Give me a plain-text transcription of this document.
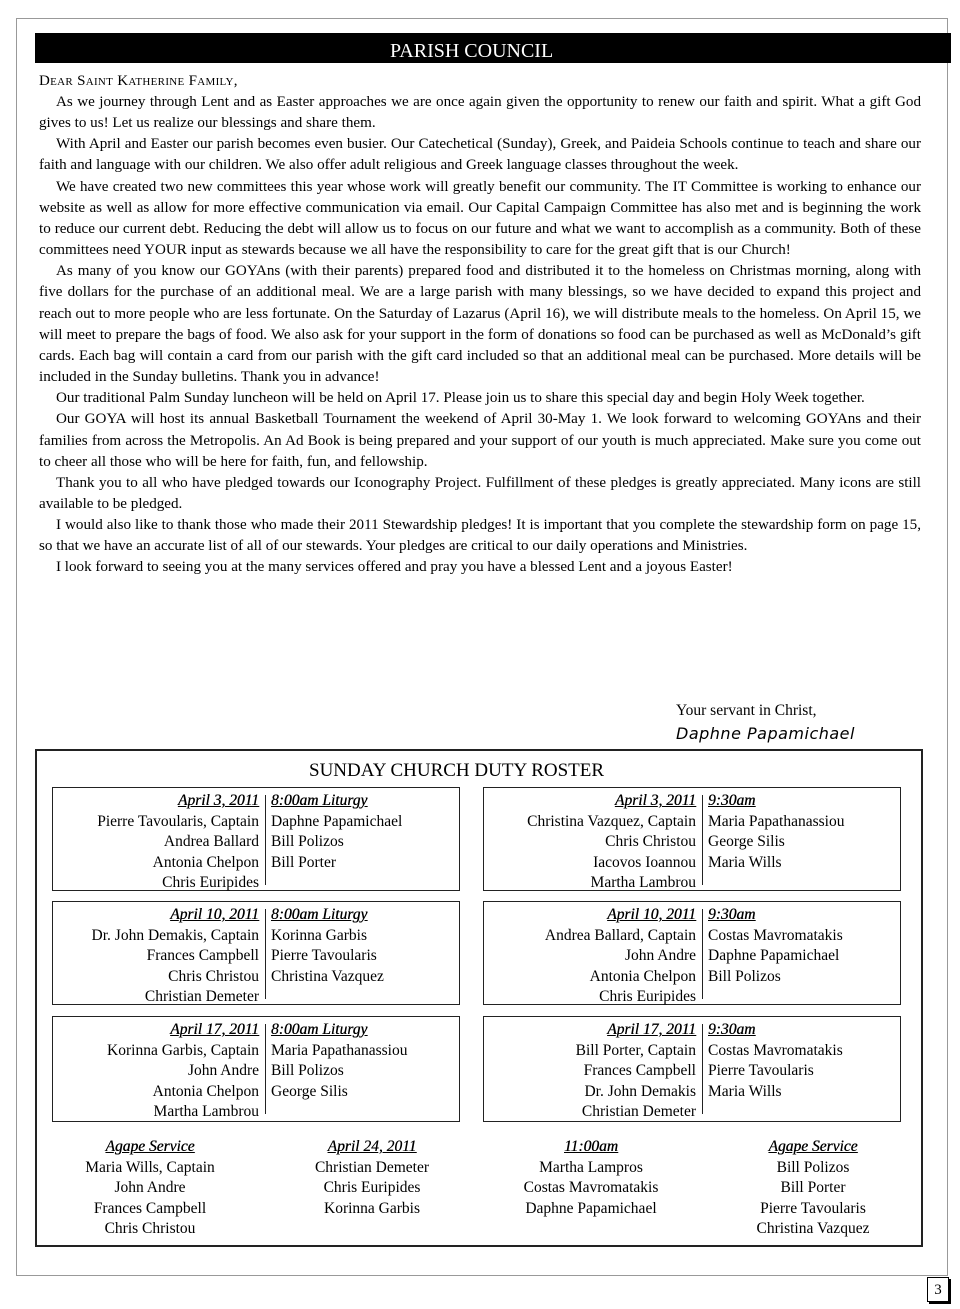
PARISH COUNCIL
Dear Saint Katherine Family,

As we journey through Lent and as Easter approaches we are once again given the opportunity to renew our faith and spirit. What a gift God gives to us! Let us realize our blessings and share them.

With April and Easter our parish becomes even busier. Our Catechetical (Sunday), Greek, and Paideia Schools continue to teach and share our faith and language with our children. We also offer adult religious and Greek language classes throughout the week.

We have created two new committees this year whose work will greatly benefit our community. The IT Committee is working to enhance our website as well as allow for more effective communication via email. Our Capital Campaign Committee has also met and is beginning the work to reduce our current debt. Reducing the debt will allow us to focus on our future and what we want to accomplish as a community. Both of these committees need YOUR input as stewards because we all have the responsibility to care for the great gift that is our Church!

As many of you know our GOYAns (with their parents) prepared food and distributed it to the homeless on Christmas morning, along with five dollars for the purchase of an additional meal. We are a large parish with many blessings, so we have decided to expand this project and reach out to more people who are less fortunate. On the Saturday of Lazarus (April 16), we will distribute meals to the homeless. On April 15, we will meet to prepare the bags of food. We also ask for your support in the form of donations so food can be purchased as well as McDonald’s gift cards. Each bag will contain a card from our parish with the gift card included so that an additional meal can be purchased. More details will be included in the Sunday bulletins. Thank you in advance!

Our traditional Palm Sunday luncheon will be held on April 17. Please join us to share this special day and begin Holy Week together.

Our GOYA will host its annual Basketball Tournament the weekend of April 30-May 1. We look forward to welcoming GOYAns and their families from across the Metropolis. An Ad Book is being prepared and your support of our youth is much appreciated. Make sure you come out to cheer all those who will be here for faith, fun, and fellowship.

Thank you to all who have pledged towards our Iconography Project. Fulfillment of these pledges is greatly appreciated. Many icons are still available to be pledged.

I would also like to thank those who made their 2011 Stewardship pledges! It is important that you complete the stewardship form on page 15, so that we have an accurate list of all of our stewards. Your pledges are critical to our daily operations and Ministries.

I look forward to seeing you at the many services offered and pray you have a blessed Lent and a joyous Easter!

Your servant in Christ,
Daphne Papamichael
SUNDAY CHURCH DUTY ROSTER
April 3, 2011
Pierre Tavoularis, Captain
Andrea Ballard
Antonia Chelpon
Chris Euripides
8:00am Liturgy
Daphne Papamichael
Bill Polizos
Bill Porter
April 3, 2011
Christina Vazquez, Captain
Chris Christou
Iacovos Ioannou
Martha Lambrou
9:30am
Maria Papathanassiou
George Silis
Maria Wills
April 10, 2011
Dr. John Demakis, Captain
Frances Campbell
Chris Christou
Christian Demeter
8:00am Liturgy
Korinna Garbis
Pierre Tavoularis
Christina Vazquez
April 10, 2011
Andrea Ballard, Captain
John Andre
Antonia Chelpon
Chris Euripides
9:30am
Costas Mavromatakis
Daphne Papamichael
Bill Polizos
April 17, 2011
Korinna Garbis, Captain
John Andre
Antonia Chelpon
Martha Lambrou
8:00am Liturgy
Maria Papathanassiou
Bill Polizos
George Silis
April 17, 2011
Bill Porter, Captain
Frances Campbell
Dr. John Demakis
Christian Demeter
9:30am
Costas Mavromatakis
Pierre Tavoularis
Maria Wills
Agape Service
Maria Wills, Captain
John Andre
Frances Campbell
Chris Christou
April 24, 2011
Christian Demeter
Chris Euripides
Korinna Garbis
11:00am
Martha Lampros
Costas Mavromatakis
Daphne Papamichael
Agape Service
Bill Polizos
Bill Porter
Pierre Tavoularis
Christina Vazquez
3
